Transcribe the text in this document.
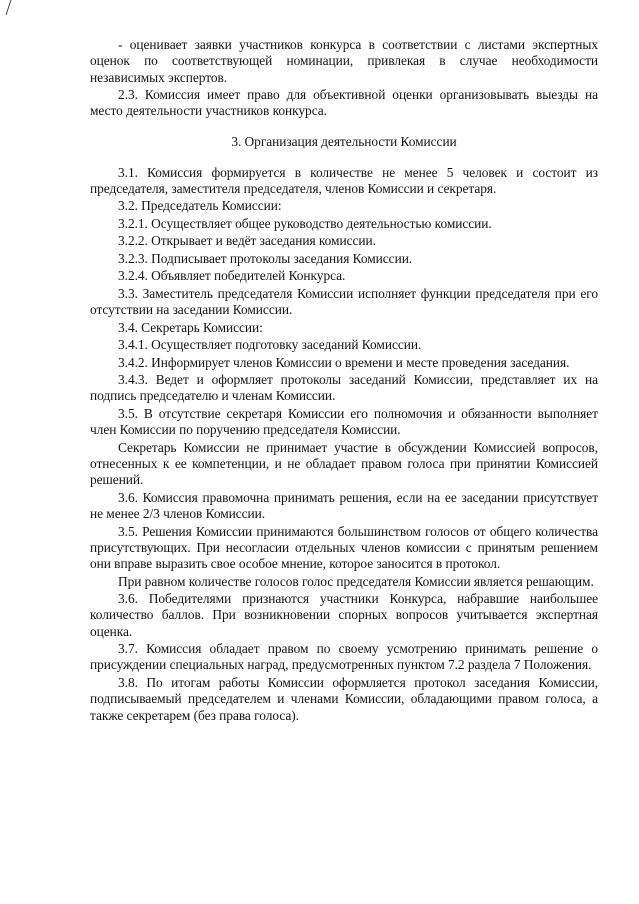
- оценивает заявки участников конкурса в соответствии с листами экспертных оценок по соответствующей номинации, привлекая в случае необходимости независимых экспертов.

2.3. Комиссия имеет право для объективной оценки организовывать выезды на место деятельности участников конкурса.

3. Организация деятельности Комиссии

3.1. Комиссия формируется в количестве не менее 5 человек и состоит из председателя, заместителя председателя, членов Комиссии и секретаря.

3.2. Председатель Комиссии:

3.2.1. Осуществляет общее руководство деятельностью комиссии.

3.2.2. Открывает и ведёт заседания комиссии.

3.2.3. Подписывает протоколы заседания Комиссии.

3.2.4. Объявляет победителей Конкурса.

3.3. Заместитель председателя Комиссии исполняет функции председателя при его отсутствии на заседании Комиссии.

3.4. Секретарь Комиссии:

3.4.1. Осуществляет подготовку заседаний Комиссии.

3.4.2. Информирует членов Комиссии о времени и месте проведения заседания.

3.4.3. Ведет и оформляет протоколы заседаний Комиссии, представляет их на подпись председателю и членам Комиссии.

3.5. В отсутствие секретаря Комиссии его полномочия и обязанности выполняет член Комиссии по поручению председателя Комиссии.

Секретарь Комиссии не принимает участие в обсуждении Комиссией вопросов, отнесенных к ее компетенции, и не обладает правом голоса при принятии Комиссией решений.

3.6. Комиссия правомочна принимать решения, если на ее заседании присутствует не менее 2/3 членов Комиссии.

3.5. Решения Комиссии принимаются большинством голосов от общего количества присутствующих. При несогласии отдельных членов комиссии с принятым решением они вправе выразить свое особое мнение, которое заносится в протокол.

При равном количестве голосов голос председателя Комиссии является решающим.

3.6. Победителями признаются участники Конкурса, набравшие наибольшее количество баллов. При возникновении спорных вопросов учитывается экспертная оценка.

3.7. Комиссия обладает правом по своему усмотрению принимать решение о присуждении специальных наград, предусмотренных пунктом 7.2 раздела 7 Положения.

3.8. По итогам работы Комиссии оформляется протокол заседания Комиссии, подписываемый председателем и членами Комиссии, обладающими правом голоса, а также секретарем (без права голоса).
